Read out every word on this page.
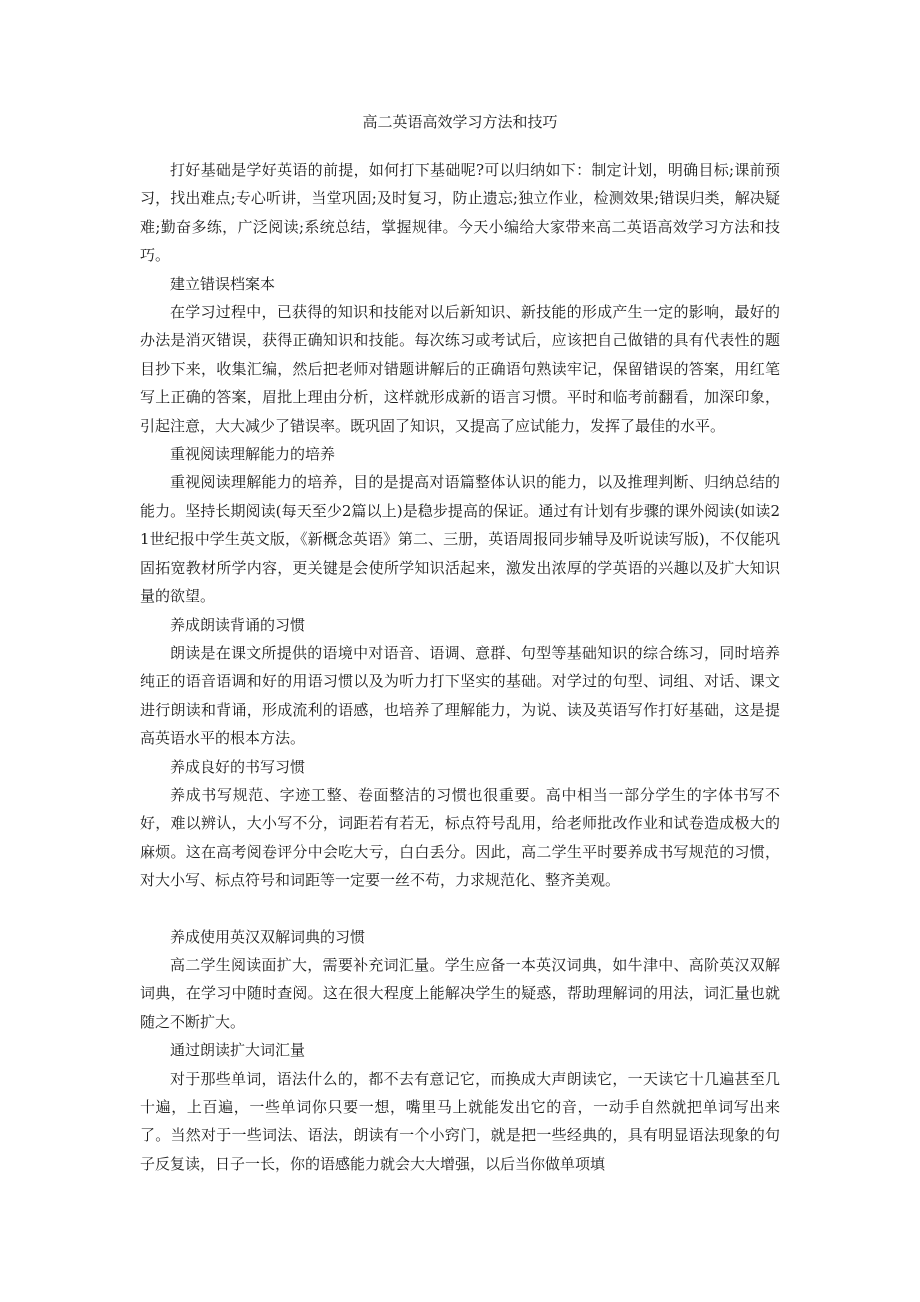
高二英语高效学习方法和技巧

打好基础是学好英语的前提，如何打下基础呢?可以归纳如下：制定计划，明确目标;课前预习，找出难点;专心听讲，当堂巩固;及时复习，防止遗忘;独立作业，检测效果;错误归类，解决疑难;勤奋多练，广泛阅读;系统总结，掌握规律。今天小编给大家带来高二英语高效学习方法和技巧。

建立错误档案本

在学习过程中，已获得的知识和技能对以后新知识、新技能的形成产生一定的影响，最好的办法是消灭错误，获得正确知识和技能。每次练习或考试后，应该把自己做错的具有代表性的题目抄下来，收集汇编，然后把老师对错题讲解后的正确语句熟读牢记，保留错误的答案，用红笔写上正确的答案，眉批上理由分析，这样就形成新的语言习惯。平时和临考前翻看，加深印象，引起注意，大大减少了错误率。既巩固了知识，又提高了应试能力，发挥了最佳的水平。

重视阅读理解能力的培养

重视阅读理解能力的培养，目的是提高对语篇整体认识的能力，以及推理判断、归纳总结的能力。坚持长期阅读(每天至少2篇以上)是稳步提高的保证。通过有计划有步骤的课外阅读(如读21世纪报中学生英文版，《新概念英语》第二、三册，英语周报同步辅导及听说读写版)，不仅能巩固拓宽教材所学内容，更关键是会使所学知识活起来，激发出浓厚的学英语的兴趣以及扩大知识量的欲望。

养成朗读背诵的习惯

朗读是在课文所提供的语境中对语音、语调、意群、句型等基础知识的综合练习，同时培养纯正的语音语调和好的用语习惯以及为听力打下坚实的基础。对学过的句型、词组、对话、课文进行朗读和背诵，形成流利的语感，也培养了理解能力，为说、读及英语写作打好基础，这是提高英语水平的根本方法。

养成良好的书写习惯

养成书写规范、字迹工整、卷面整洁的习惯也很重要。高中相当一部分学生的字体书写不好，难以辨认，大小写不分，词距若有若无，标点符号乱用，给老师批改作业和试卷造成极大的麻烦。这在高考阅卷评分中会吃大亏，白白丢分。因此，高二学生平时要养成书写规范的习惯，对大小写、标点符号和词距等一定要一丝不苟，力求规范化、整齐美观。

养成使用英汉双解词典的习惯

高二学生阅读面扩大，需要补充词汇量。学生应备一本英汉词典，如牛津中、高阶英汉双解词典，在学习中随时查阅。这在很大程度上能解决学生的疑惑，帮助理解词的用法，词汇量也就随之不断扩大。

通过朗读扩大词汇量

对于那些单词，语法什么的，都不去有意记它，而换成大声朗读它，一天读它十几遍甚至几十遍，上百遍，一些单词你只要一想，嘴里马上就能发出它的音，一动手自然就把单词写出来了。当然对于一些词法、语法，朗读有一个小窍门，就是把一些经典的，具有明显语法现象的句子反复读，日子一长，你的语感能力就会大大增强，以后当你做单项填
